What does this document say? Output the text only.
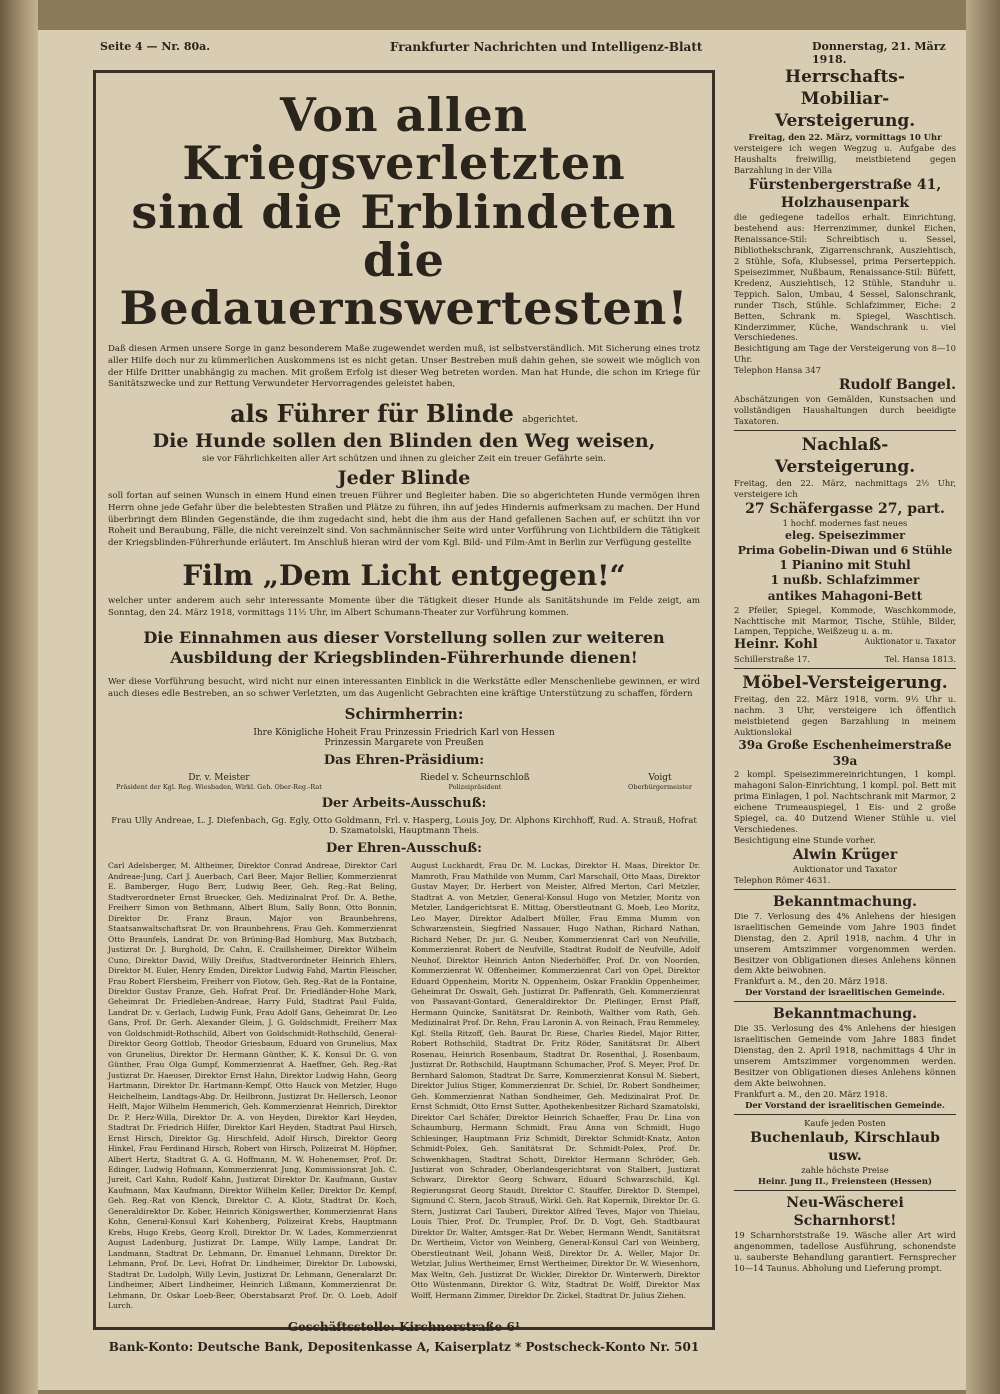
Seite 4 — Nr. 80a.	Frankfurter Nachrichten und Intelligenz-Blatt	Donnerstag, 21. März 1918.
Von allen Kriegsverletzten
sind die Erblindeten die
Bedauernswertesten!
Daß diesen Armen unsere Sorge in ganz besonderem Maße zugewendet werden muß, ist selbstverständlich. Mit Sicherung eines trotz aller Hilfe doch nur zu kümmerlichen Auskommens ist es nicht getan. Unser Bestreben muß dahin gehen, sie soweit wie möglich von der Hilfe Dritter unabhängig zu machen. Mit großem Erfolg ist dieser Weg betreten worden. Man hat Hunde, die schon im Kriege für Sanitätszwecke und zur Rettung Verwundeter Hervorragendes geleistet haben,
als Führer für Blinde abgerichtet.
Die Hunde sollen den Blinden den Weg weisen,
sie vor Fährlichkeiten aller Art schützen und ihnen zu gleicher Zeit ein treuer Gefährte sein.
Jeder Blinde
soll fortan auf seinen Wunsch in einem Hund einen treuen Führer und Begleiter haben. Die so abgerichteten Hunde vermögen ihren Herrn ohne jede Gefahr über die belebtesten Straßen und Plätze zu führen, ihn auf jedes Hindernis aufmerksam zu machen. Der Hund überbringt dem Blinden Gegenstände, die ihm zugedacht sind, hebt die ihm aus der Hand gefallenen Sachen auf, er schützt ihn vor Roheit und Beraubung, Fälle, die nicht vereinzelt sind. Von sachmännischer Seite wird unter Vorführung von Lichtbildern die Tätigkeit der Kriegsblinden-Führerhunde erläutert. Im Anschluß hieran wird der vom Kgl. Bild- und Film-Amt in Berlin zur Verfügung gestellte
Film „Dem Licht entgegen!“
welcher unter anderem auch sehr interessante Momente über die Tätigkeit dieser Hunde als Sanitätshunde im Felde zeigt, am Sonntag, den 24. März 1918, vormittags 11½ Uhr, im Albert Schumann-Theater zur Vorführung kommen.
Die Einnahmen aus dieser Vorstellung sollen zur weiteren Ausbildung der Kriegsblinden-Führerhunde dienen!
Wer diese Vorführung besucht, wird nicht nur einen interessanten Einblick in die Werkstätte edler Menschenliebe gewinnen, er wird auch dieses edle Bestreben, an so schwer Verletzten, um das Augenlicht Gebrachten eine kräftige Unterstützung zu schaffen, fördern
Schirmherrin:
Ihre Königliche Hoheit Frau Prinzessin Friedrich Karl von Hessen
Prinzessin Margarete von Preußen
Das Ehren-Präsidium:
Dr. v. Meister
Präsident der Kgl. Reg. Wiesbaden, Wirkl. Geh. Ober-Reg.-Rat
Riedel v. Scheurnschloß
Polizeipräsident
Voigt
Oberbürgermeister
Der Arbeits-Ausschuß:
Frau Ully Andreae, L. J. Diefenbach, Gg. Egly, Otto Goldmann, Frl. v. Hasperg, Louis Joy, Dr. Alphons Kirchhoff, Rud. A. Strauß, Hofrat D. Szamatolski, Hauptmann Theis.
Der Ehren-Ausschuß:
Carl Adelsberger, M. Altheimer, Direktor Conrad Andreae, Direktor Carl Andreae-Jung, Carl J. Auerbach, Carl Beer, Major Bellier, Kommerzienrat E. Bamberger, Hugo Berr, Ludwig Beer, Geh. Reg.-Rat Beling, Stadtverordneter Ernst Bruecker, Geh. Medizinalrat Prof. Dr. A. Bethe, Freiherr Simon von Bethmann, Albert Blum, Sally Bonn, Otto Bonnin, Direktor Dr. Franz Braun, Major von Braunbehrens, Staatsanwaltschaftsrat Dr. von Braunbehrens, Frau Geh. Kommerzienrat Otto Braunfels, Landrat Dr. von Brüning-Bad Homburg, Max Butzbach, Justizrat Dr. J. Burghold, Dr. Cahn, E. Craillsheimer, Direktor Wilhelm Cuno, Direktor David, Willy Dreifus, Stadtverordneter Heinrich Ehlers, Direktor M. Euler, Henry Emden, Direktor Ludwig Fahd, Martin Fleischer, Frau Robert Flersheim, Freiherr von Flotow, Geh. Reg.-Rat de la Fontaine, Direktor Gustav Franze, Geh. Hofrat Prof. Dr. Friedländer-Hohe Mark, Geheimrat Dr. Friedleben-Andreae, Harry Fuld, Stadtrat Paul Fulda, Landrat Dr. v. Gerlach, Ludwig Funk, Frau Adolf Gans, Geheimrat Dr. Leo Gans, Prof. Dr. Gerh. Alexander Gleim, J. G. Goldschmidt, Freiherr Max von Goldschmidt-Rothschild, Albert von Goldschmidt-Rothschild, General-Direktor Georg Gottlob, Theodor Griesbaum, Eduard von Grunelius, Max von Grunelius, Direktor Dr. Hermann Günther, K. K. Konsul Dr. G. von Günther, Frau Olga Gumpf, Kommerzienrat A. Haeffner, Geh. Reg.-Rat Justizrat Dr. Haeuser, Direktor Ernst Hahn, Direktor Ludwig Hahn, Georg Hartmann, Direktor Dr. Hartmann-Kempf, Otto Hauck von Metzler, Hugo Heichelheim, Landtags-Abg. Dr. Heilbronn, Justizrat Dr. Hellersch, Leonor Helft, Major Wilhelm Hemmerich, Geh. Kommerzienrat Heinrich, Direktor Dr. P. Herz-Willa, Direktor Dr. A. von Heyden, Direktor Karl Heyden, Stadtrat Dr. Friedrich Hilfer, Direktor Karl Heyden, Stadtrat Paul Hirsch, Ernst Hirsch, Direktor Gg. Hirschfeld, Adolf Hirsch, Direktor Georg Hinkel, Frau Ferdinand Hirsch, Robert von Hirsch, Polizeirat M. Höpfner, Albert Hertz, Stadtrat G. A. G. Hoffmann, M. W. Hohenemser, Prof. Dr. Edinger, Ludwig Hofmann, Kommerzienrat Jung, Kommissionsrat Joh. C. Jureit, Carl Kahn, Rudolf Kahn, Justizrat Direktor Dr. Kaufmann, Gustav Kaufmann, Max Kaufmann, Direktor Wilhelm Keller, Direktor Dr. Kempf, Geh. Reg.-Rat von Klenck, Direktor C. A. Klotz, Stadtrat Dr. Koch, Generaldirektor Dr. Kober, Heinrich Königswerther, Kommerzienrat Hans Kohn, General-Konsul Karl Kohenberg, Polizeirat Krebs, Hauptmann Krebs, Hugo Krebs, Georg Kroll, Direktor Dr. W. Lades, Kommerzienrat August Ladenburg, Justizrat Dr. Lampe, Willy Lampe, Landrat Dr. Landmann, Stadtrat Dr. Lehmann, Dr. Emanuel Lehmann, Direktor Dr. Lehmann, Prof. Dr. Levi, Hofrat Dr. Lindheimer, Direktor Dr. Lubowski, Stadtrat Dr. Ludolph, Willy Levin, Justizrat Dr. Lehmann, Generalarzt Dr. Lindheimer, Albert Lindheimer, Heinrich Lißmann, Kommerzienrat Dr. Lehmann, Dr. Oskar Loeb-Beer, Oberstabsarzt Prof. Dr. O. Loeb, Adolf Lurch.
August Luckhardt, Frau Dr. M. Luckas, Direktor H. Maas, Direktor Dr. Mamroth, Frau Mathilde von Mumm, Carl Marschall, Otto Maas, Direktor Gustav Mayer, Dr. Herbert von Meister, Alfred Merton, Carl Metzler, Stadtrat A. von Metzler, General-Konsul Hugo von Metzler, Moritz von Metzler, Landgerichtsrat E. Mittag, Oberstleutnant G. Moeb, Leo Moritz, Leo Mayer, Direktor Adalbert Müller, Frau Emma Mumm von Schwarzenstein, Siegfried Nassauer, Hugo Nathan, Richard Nathan, Richard Neher, Dr. jur. G. Neuber, Kommerzienrat Carl von Neufville, Kommerzienrat Robert de Neufville, Stadtrat Rudolf de Neufville, Adolf Neuhof, Direktor Heinrich Anton Niederhöffer, Prof. Dr. von Noorden, Kommerzienrat W. Offenheimer, Kommerzienrat Carl von Opel, Direktor Eduard Oppenheim, Moritz N. Oppenheim, Oskar Franklin Oppenheimer, Geheimrat Dr. Oswalt, Geh. Justizrat Dr. Paffenrath, Geh. Kommerzienrat von Passavant-Gontard, Generaldirektor Dr. Pleßinger, Ernst Pfaff, Hermann Quincke, Sanitätsrat Dr. Reinboth, Walther vom Rath, Geh. Medizinalrat Prof. Dr. Rehn, Frau Laronin A. von Reinach, Frau Remmeley, Kgl. Stella Ritzoff, Geh. Baurat Dr. Riese, Charles Riedel, Major Ritter, Robert Rothschild, Stadtrat Dr. Fritz Röder, Sanitätsrat Dr. Albert Rosenau, Heinrich Rosenbaum, Stadtrat Dr. Rosenthal, J. Rosenbaum, Justizrat Dr. Rothschild, Hauptmann Schumacher, Prof. S. Meyer, Prof. Dr. Bernhard Salomon, Stadtrat Dr. Sarre, Kommerzienrat Konsul M. Siebert, Direktor Julius Stiger, Kommerzienrat Dr. Schiel, Dr. Robert Sondheimer, Geh. Kommerzienrat Nathan Sondheimer, Geh. Medizinalrat Prof. Dr. Ernst Schmidt, Otto Ernst Sutter, Apothekenbesitzer Richard Szamatolski, Direktor Carl Schäfer, Direktor Heinrich Schaeffer, Frau Dr. Lina von Schaumburg, Hermann Schmidt, Frau Anna von Schmidt, Hugo Schlesinger, Hauptmann Friz Schmidt, Direktor Schmidt-Knatz, Anton Schmidt-Polex, Geh. Sanitätsrat Dr. Schmidt-Polex, Prof. Dr. Schwenkhagen, Stadtrat Schott, Direktor Hermann Schröder, Geh. Justizrat von Schrader, Oberlandesgerichtsrat von Stalbert, Justizrat Schwarz, Direktor Georg Schwarz, Eduard Schwarzschild, Kgl. Regierungsrat Georg Staudt, Direktor C. Stauffer, Direktor D. Stempel, Sigmund C. Stern, Jacob Strauß, Wirkl. Geh. Rat Kopernik, Direktor Dr. G. Stern, Justizrat Carl Tauberi, Direktor Alfred Teves, Major von Thielau, Louis Thier, Prof. Dr. Trumpler, Prof. Dr. D. Vogt, Geh. Stadtbaurat Direktor Dr. Walter, Amtsger.-Rat Dr. Weber, Hermann Wendt, Sanitätsrat Dr. Wertheim, Victor von Weinberg, General-Konsul Carl von Weinberg, Oberstleutnant Weil, Johann Weiß, Direktor Dr. A. Weller, Major Dr. Wetzlar, Julius Wertheimer, Ernst Wertheimer, Direktor Dr. W. Wiesenhorn, Max Weltn, Geh. Justizrat Dr. Wickler, Direktor Dr. Winterwerb, Direktor Otto Wüstenmann, Direktor G. Witz, Stadtrat Dr. Wolff, Direktor Max Wolff, Hermann Zimmer, Direktor Dr. Zickel, Stadtrat Dr. Julius Ziehen.
Geschäftsstelle: Kirchnerstraße 6¹
Bank-Konto: Deutsche Bank, Depositenkasse A, Kaiserplatz * Postscheck-Konto Nr. 501
Herrschafts-
Mobiliar-Versteigerung.
Freitag, den 22. März, vormittags 10 Uhr
versteigere ich wegen Wegzug u. Aufgabe des Haushalts freiwillig, meistbietend gegen Barzahlung in der Villa
Fürstenbergerstraße 41, Holzhausenpark
die gediegene tadellos erhalt. Einrichtung, bestehend aus: Herrenzimmer, dunkel Eichen, Renaissance-Stil: Schreibtisch u. Sessel, Bibliothekschrank, Zigarrenschrank, Ausziehtisch, 2 Stühle, Sofa, Klubsessel, prima Perserteppich. Speisezimmer, Nußbaum, Renaissance-Stil: Büfett, Kredenz, Ausziehtisch, 12 Stühle, Standuhr u. Teppich. Salon, Umbau, 4 Sessel, Salonschrank, runder Tisch, Stühle. Schlafzimmer, Eiche: 2 Betten, Schrank m. Spiegel, Waschtisch. Kinderzimmer, Küche, Wandschrank u. viel Verschiedenes.
Besichtigung am Tage der Versteigerung von 8—10 Uhr.
Telephon Hansa 347
Rudolf Bangel.
Abschätzungen von Gemälden, Kunstsachen und vollständigen Haushaltungen durch beeidigte Taxatoren.
Nachlaß-Versteigerung.
Freitag, den 22. März, nachmittags 2½ Uhr, versteigere ich
27 Schäfergasse 27, part.
1 hochf. modernes fast neues
eleg. Speisezimmer
Prima Gobelin-Diwan und 6 Stühle
1 Pianino mit Stuhl
1 nußb. Schlafzimmer
antikes Mahagoni-Bett
2 Pfeiler, Spiegel, Kommode, Waschkommode, Nachttische mit Marmor, Tische, Stühle, Bilder, Lampen, Teppiche, Weißzeug u. a. m.
Heinr. Kohl	Auktionator u. Taxator
Schillerstraße 17.	Tel. Hansa 1813.
Möbel-Versteigerung.
Freitag, den 22. März 1918, vorm. 9½ Uhr u. nachm. 3 Uhr, versteigere ich öffentlich meistbietend gegen Barzahlung in meinem Auktionslokal
39a Große Eschenheimerstraße 39a
2 kompl. Speisezimmereinrichtungen, 1 kompl. mahagoni Salon-Einrichtung, 1 kompl. pol. Bett mit prima Einlagen, 1 pol. Nachtschrank mit Marmor, 2 eichene Trumeauspiegel, 1 Eis- und 2 große Spiegel, ca. 40 Dutzend Wiener Stühle u. viel Verschiedenes.
Besichtigung eine Stunde vorher.
Alwin Krüger
Auktionator und Taxator
Telephon Römer 4631.
Bekanntmachung.
Die 7. Verlosung des 4% Anlehens der hiesigen israelitischen Gemeinde vom Jahre 1903 findet Dienstag, den 2. April 1918, nachm. 4 Uhr in unserem Amtszimmer vorgenommen werden. Besitzer von Obligationen dieses Anlehens können dem Akte beiwohnen.
Frankfurt a. M., den 20. März 1918.
Der Vorstand der israelitischen Gemeinde.
Bekanntmachung.
Die 35. Verlosung des 4% Anlehens der hiesigen israelitischen Gemeinde vom Jahre 1883 findet Dienstag, den 2. April 1918, nachmittags 4 Uhr in unserem Amtszimmer vorgenommen werden. Besitzer von Obligationen dieses Anlehens können dem Akte beiwohnen.
Frankfurt a. M., den 20. März 1918.
Der Vorstand der israelitischen Gemeinde.
Kaufe jeden Posten
Buchenlaub, Kirschlaub usw.
zahle höchste Preise
Heinr. Jung II., Freiensteen (Hessen)
Neu-Wäscherei Scharnhorst!
19 Scharnhorststraße 19. Wäsche aller Art wird angenommen, tadellose Ausführung, schonendste u. sauberste Behandlung garantiert. Fernsprecher 10—14 Taunus. Abholung und Lieferung prompt.
